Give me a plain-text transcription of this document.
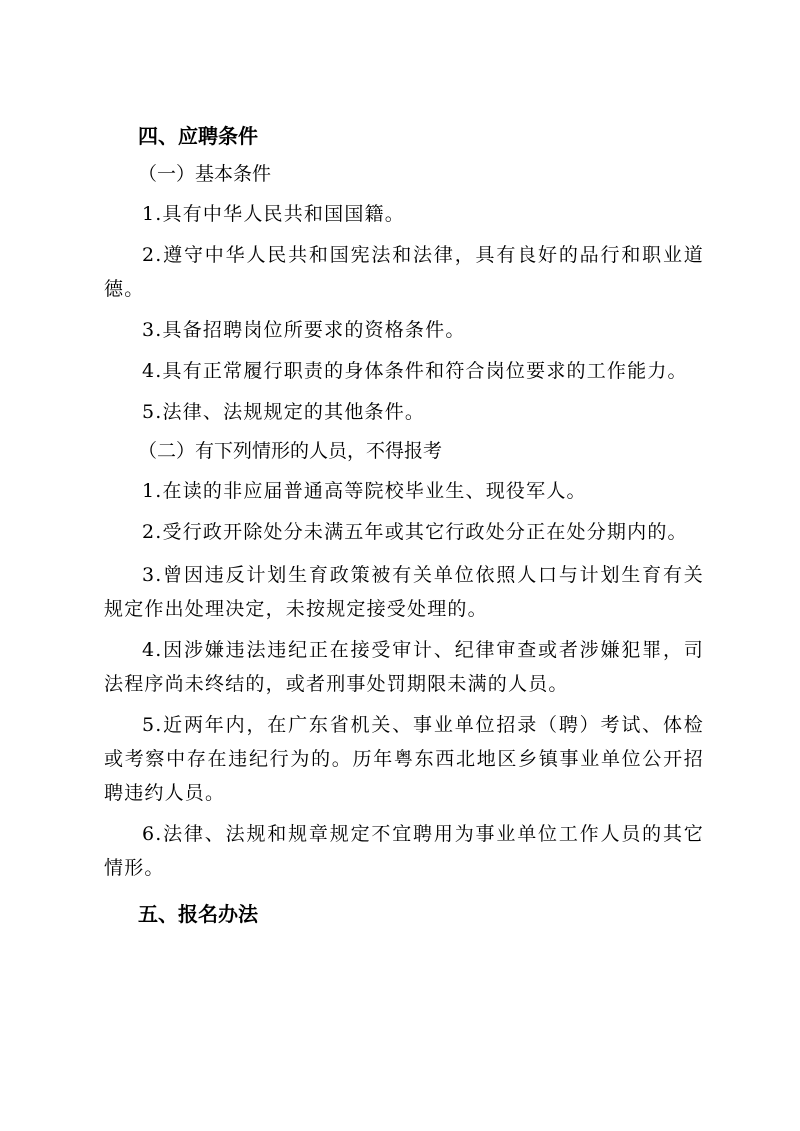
四、应聘条件

（一）基本条件

1.具有中华人民共和国国籍。

2.遵守中华人民共和国宪法和法律，具有良好的品行和职业道德。

3.具备招聘岗位所要求的资格条件。

4.具有正常履行职责的身体条件和符合岗位要求的工作能力。

5.法律、法规规定的其他条件。

（二）有下列情形的人员，不得报考

1.在读的非应届普通高等院校毕业生、现役军人。

2.受行政开除处分未满五年或其它行政处分正在处分期内的。

3.曾因违反计划生育政策被有关单位依照人口与计划生育有关规定作出处理决定，未按规定接受处理的。

4.因涉嫌违法违纪正在接受审计、纪律审查或者涉嫌犯罪，司法程序尚未终结的，或者刑事处罚期限未满的人员。

5.近两年内，在广东省机关、事业单位招录（聘）考试、体检或考察中存在违纪行为的。历年粤东西北地区乡镇事业单位公开招聘违约人员。

6.法律、法规和规章规定不宜聘用为事业单位工作人员的其它情形。

五、报名办法
